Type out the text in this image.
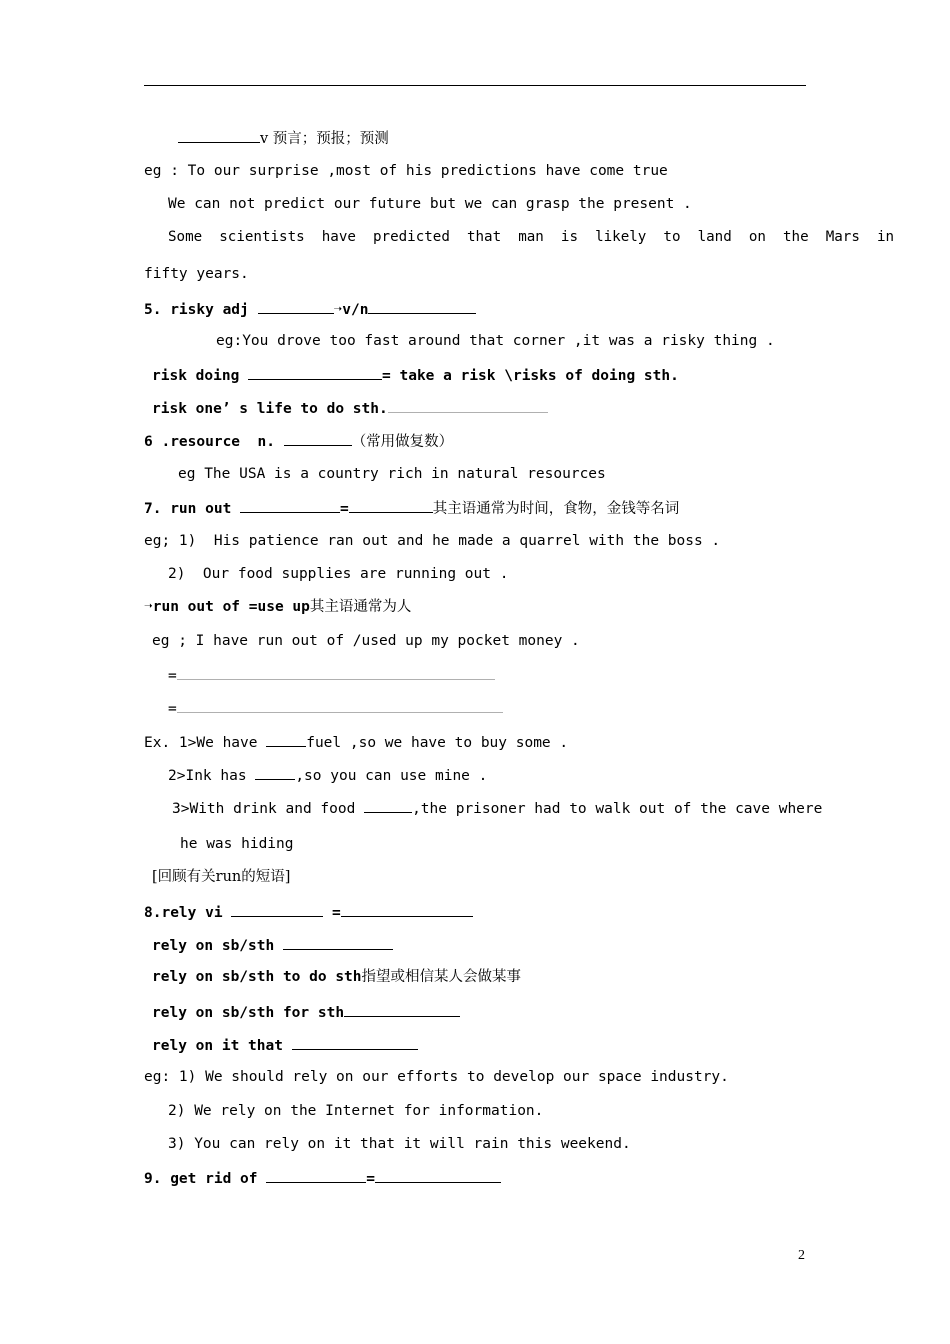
v 预言；预报；预测
eg : To our surprise ,most of his predictions have come true
We can not predict our future but we can grasp the present .
Some  scientists  have  predicted  that  man  is  likely  to  land  on  the  Mars  in
fifty years.
5. risky adj	➝v/n
eg:You drove too fast around that corner ,it was a risky thing .
risk doing	= take a risk \risks of doing sth.
risk one’ s life to do sth.
6 .resource  n.	（常用做复数）
eg The USA is a country rich in natural resources
7. run out	=	其主语通常为时间，食物，金钱等名词
eg; 1)  His patience ran out and he made a quarrel with the boss .
2)  Our food supplies are running out .
➝run out of =use up其主语通常为人
eg ; I have run out of /used up my pocket money .
=
=
Ex. 1>We have	fuel ,so we have to buy some .
2>Ink has	,so you can use mine .
3>With drink and food	,the prisoner had to walk out of the cave where
he was hiding
[回顾有关run的短语]
8.rely vi	=
rely on sb/sth
rely on sb/sth to do sth指望或相信某人会做某事
rely on sb/sth for sth
rely on it that
eg: 1) We should rely on our efforts to develop our space industry.
2) We rely on the Internet for information.
3) You can rely on it that it will rain this weekend.
9. get rid of	=
2
